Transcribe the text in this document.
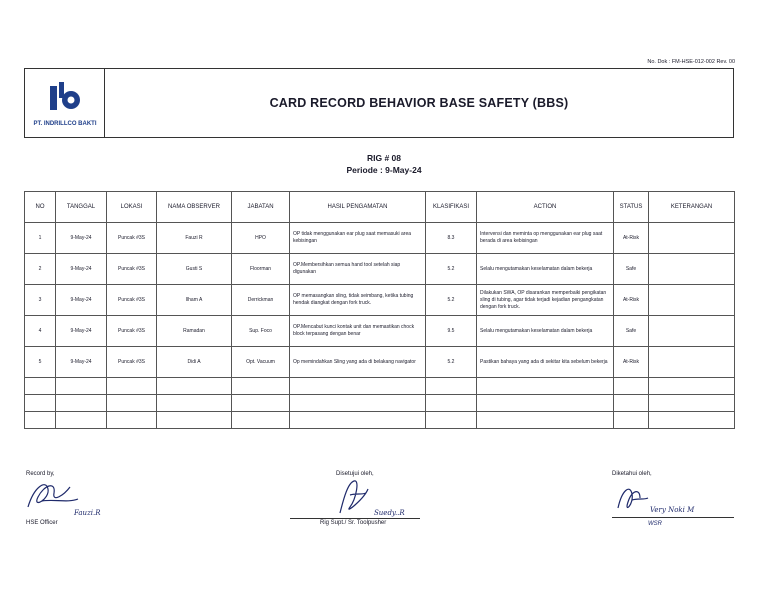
No. Dok : FM-HSE-012-002 Rev. 00
PT. INDRILLCO BAKTI
CARD RECORD BEHAVIOR BASE SAFETY (BBS)
RIG # 08
Periode : 9-May-24
NO	TANGGAL	LOKASI	NAMA OBSERVER	JABATAN	HASIL PENGAMATAN	KLASIFIKASI	ACTION	STATUS	KETERANGAN
1	9-May-24	Puncak #3S	Fauzi R	HPO	OP tidak menggunakan ear plug saat memasuki area kebisingan	8.3	Intervensi dan meminta op menggunakan ear plug saat berada di area kebisingan	At-Risk	
2	9-May-24	Puncak #3S	Gusti S	Floorman	OP.Membersihkan semua hand tool setelah siap digunakan	5.2	Selalu mengutamakan keselamatan dalam bekerja	Safe	
3	9-May-24	Puncak #3S	Ilham A	Derrickman	OP memasangkan sling, tidak seimbang, ketika tubing hendak diangkat dengan fork truck.	5.2	Dilakukan SWA, OP disarankan memperbaiki pengikatan sling di tubing, agar tidak terjadi kejadian pengangkatan dengan fork truck.	At-Risk	
4	9-May-24	Puncak #3S	Ramadan	Sup. Foco	OP.Mencabut kunci kontak unit dan memastikan chock block terpasang dengan benar	9.5	Selalu mengutamakan keselamatan dalam bekerja	Safe	
5	9-May-24	Puncak #3S	Didi A	Opt. Vacuum	Op memindahkan Sling yang ada di belakang navigator	5.2	Pastikan bahaya yang ada di sekitar kita sebelum bekerja	At-Risk	

Record by,
Fauzi.R
HSE Officer
Disetujui oleh,
Suedy..R
Rig Supt./ Sr. Toolpusher
Diketahui oleh,
Very Noki M
WSR
